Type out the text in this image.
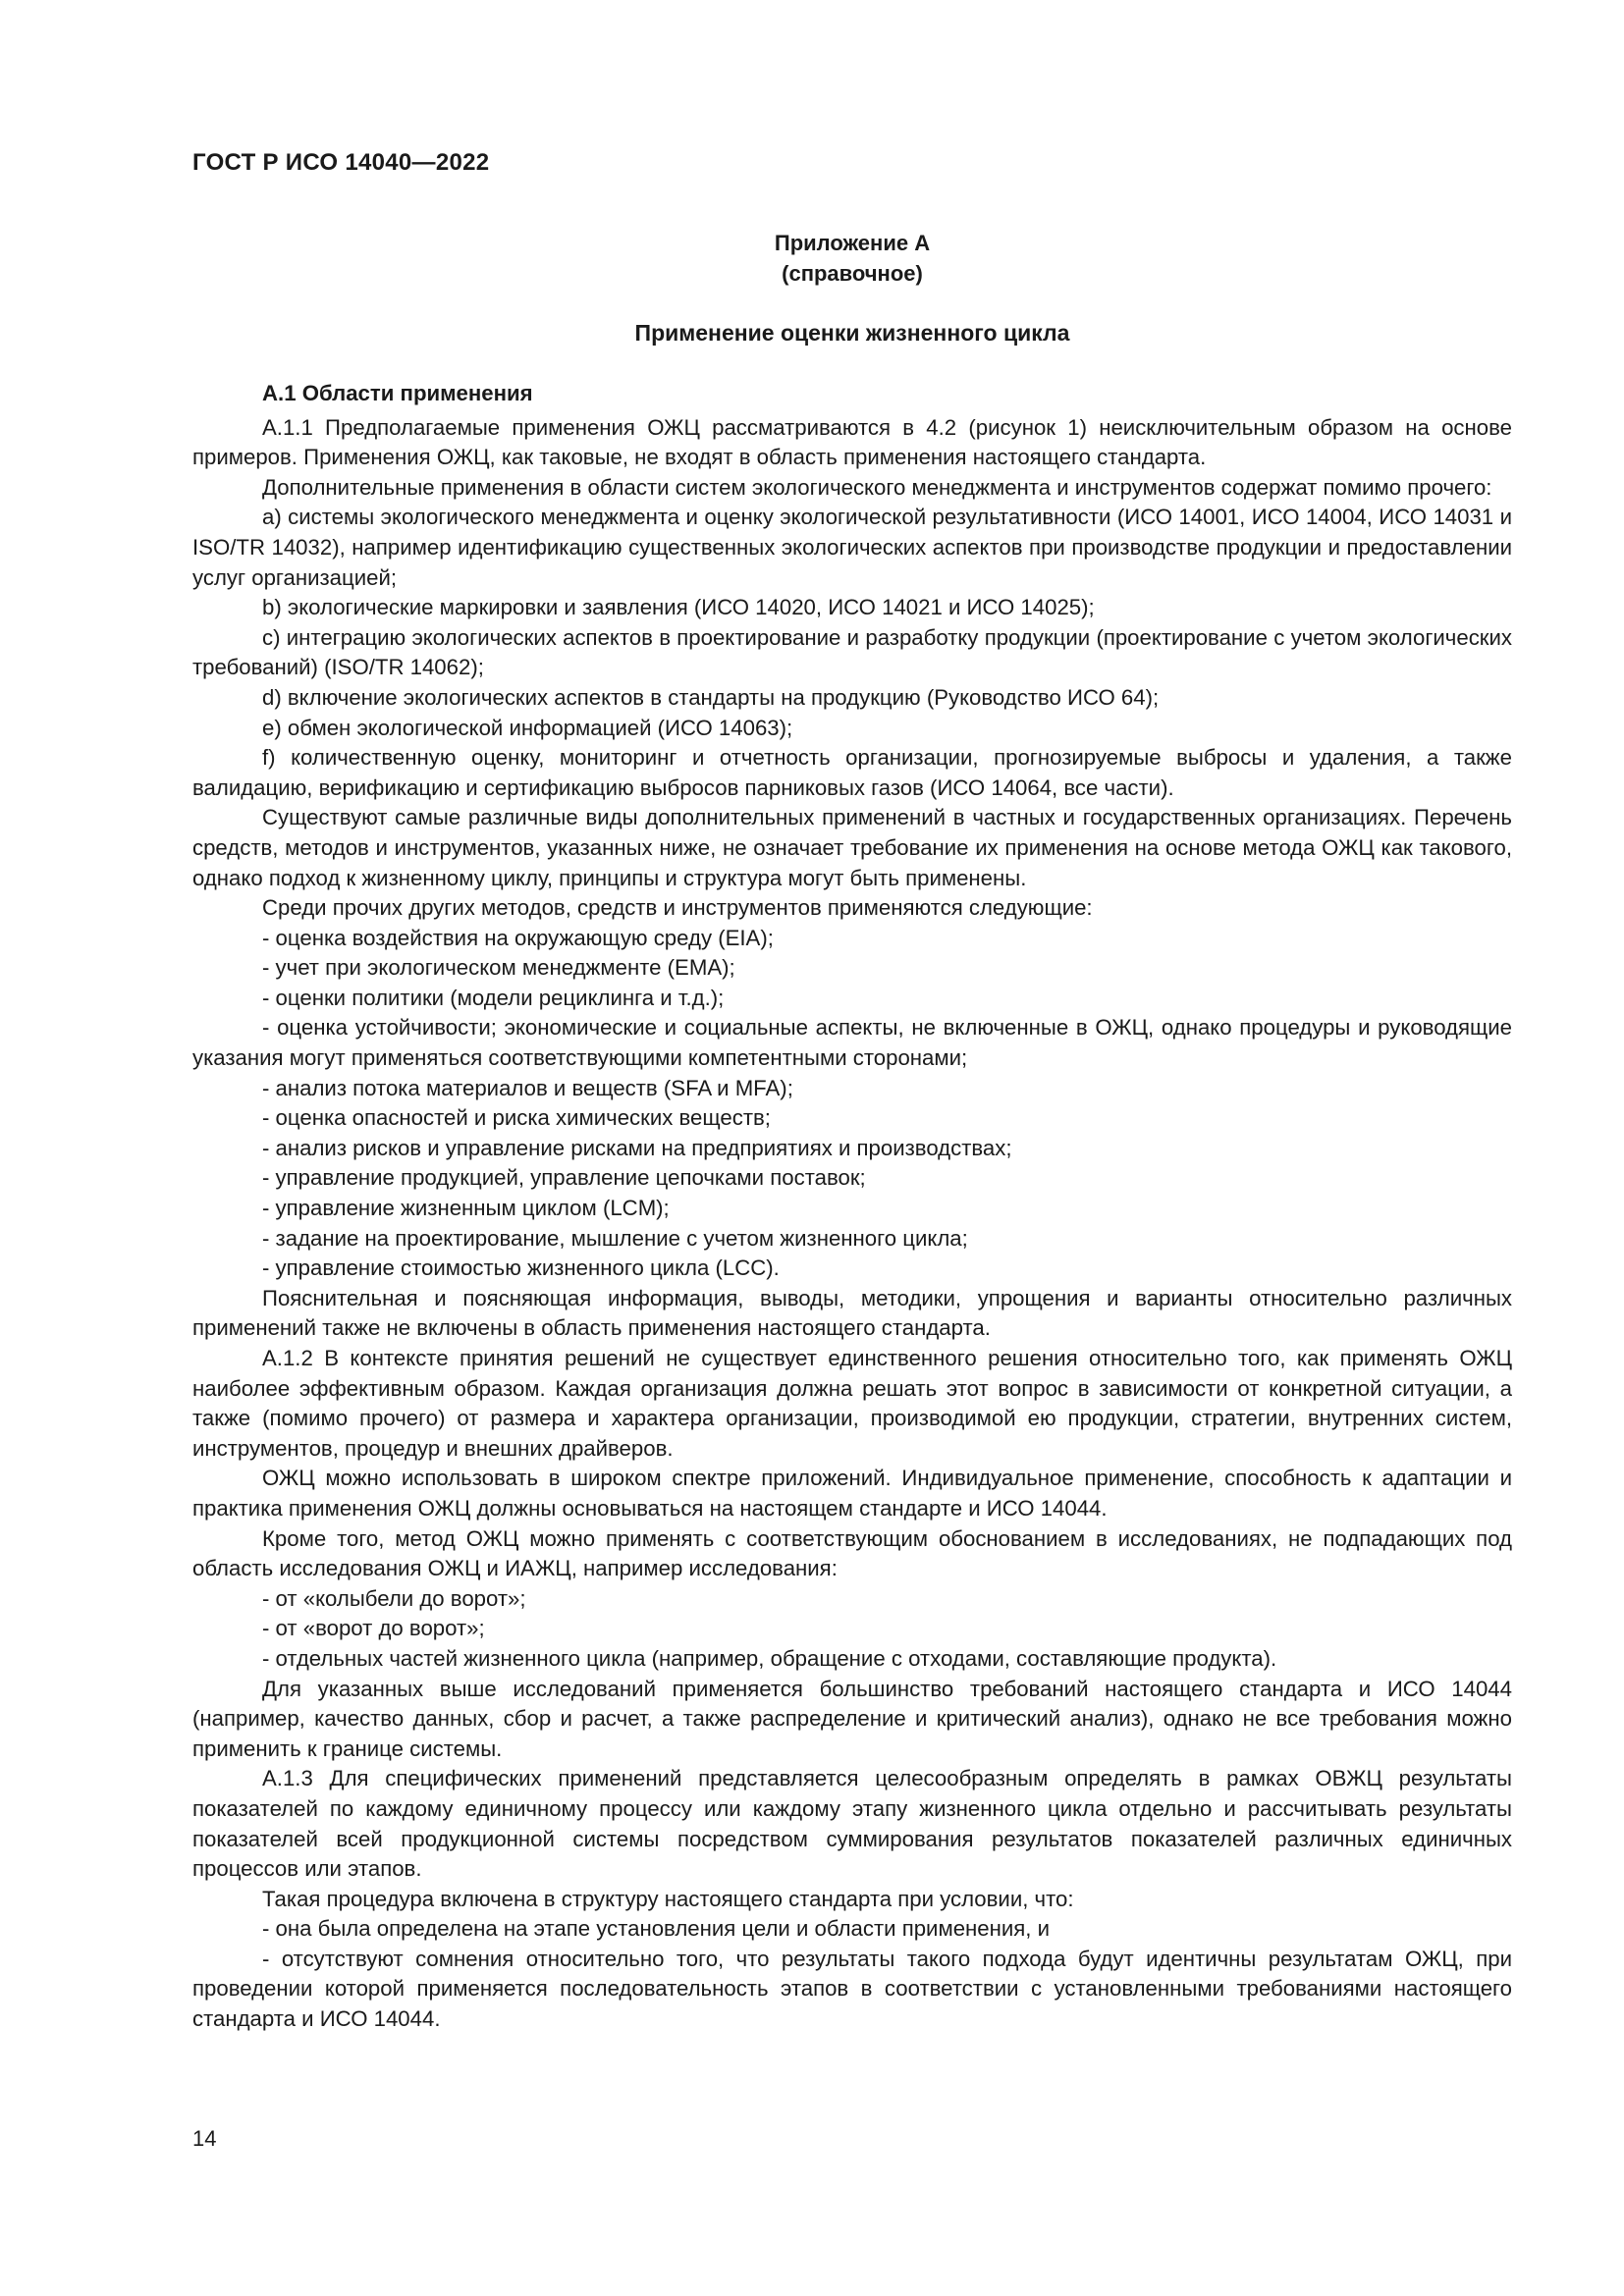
ГОСТ Р ИСО 14040—2022
Приложение А
(справочное)
Применение оценки жизненного цикла

А.1 Области применения

А.1.1 Предполагаемые применения ОЖЦ рассматриваются в 4.2 (рисунок 1) неисключительным образом на основе примеров. Применения ОЖЦ, как таковые, не входят в область применения настоящего стандарта.

Дополнительные применения в области систем экологического менеджмента и инструментов содержат помимо прочего:

a) системы экологического менеджмента и оценку экологической результативности (ИСО 14001, ИСО 14004, ИСО 14031 и ISO/TR 14032), например идентификацию существенных экологических аспектов при производстве продукции и предоставлении услуг организацией;

b) экологические маркировки и заявления (ИСО 14020, ИСО 14021 и ИСО 14025);

c) интеграцию экологических аспектов в проектирование и разработку продукции (проектирование с учетом экологических требований) (ISO/TR 14062);

d) включение экологических аспектов в стандарты на продукцию (Руководство ИСО 64);

e) обмен экологической информацией (ИСО 14063);

f) количественную оценку, мониторинг и отчетность организации, прогнозируемые выбросы и удаления, а также валидацию, верификацию и сертификацию выбросов парниковых газов (ИСО 14064, все части).

Существуют самые различные виды дополнительных применений в частных и государственных организациях. Перечень средств, методов и инструментов, указанных ниже, не означает требование их применения на основе метода ОЖЦ как такового, однако подход к жизненному циклу, принципы и структура могут быть применены.

Среди прочих других методов, средств и инструментов применяются следующие:

- оценка воздействия на окружающую среду (EIA);

- учет при экологическом менеджменте (EMA);

- оценки политики (модели рециклинга и т.д.);

- оценка устойчивости; экономические и социальные аспекты, не включенные в ОЖЦ, однако процедуры и руководящие указания могут применяться соответствующими компетентными сторонами;

- анализ потока материалов и веществ (SFA и MFA);

- оценка опасностей и риска химических веществ;

- анализ рисков и управление рисками на предприятиях и производствах;

- управление продукцией, управление цепочками поставок;

- управление жизненным циклом (LCM);

- задание на проектирование, мышление с учетом жизненного цикла;

- управление стоимостью жизненного цикла (LCC).

Пояснительная и поясняющая информация, выводы, методики, упрощения и варианты относительно различных применений также не включены в область применения настоящего стандарта.

А.1.2 В контексте принятия решений не существует единственного решения относительно того, как применять ОЖЦ наиболее эффективным образом. Каждая организация должна решать этот вопрос в зависимости от конкретной ситуации, а также (помимо прочего) от размера и характера организации, производимой ею продукции, стратегии, внутренних систем, инструментов, процедур и внешних драйверов.

ОЖЦ можно использовать в широком спектре приложений. Индивидуальное применение, способность к адаптации и практика применения ОЖЦ должны основываться на настоящем стандарте и ИСО 14044.

Кроме того, метод ОЖЦ можно применять с соответствующим обоснованием в исследованиях, не подпадающих под область исследования ОЖЦ и ИАЖЦ, например исследования:

- от «колыбели до ворот»;

- от «ворот до ворот»;

- отдельных частей жизненного цикла (например, обращение с отходами, составляющие продукта).

Для указанных выше исследований применяется большинство требований настоящего стандарта и ИСО 14044 (например, качество данных, сбор и расчет, а также распределение и критический анализ), однако не все требования можно применить к границе системы.

А.1.3 Для специфических применений представляется целесообразным определять в рамках ОВЖЦ результаты показателей по каждому единичному процессу или каждому этапу жизненного цикла отдельно и рассчитывать результаты показателей всей продукционной системы посредством суммирования результатов показателей различных единичных процессов или этапов.

Такая процедура включена в структуру настоящего стандарта при условии, что:

- она была определена на этапе установления цели и области применения, и

- отсутствуют сомнения относительно того, что результаты такого подхода будут идентичны результатам ОЖЦ, при проведении которой применяется последовательность этапов в соответствии с установленными требованиями настоящего стандарта и ИСО 14044.

14
